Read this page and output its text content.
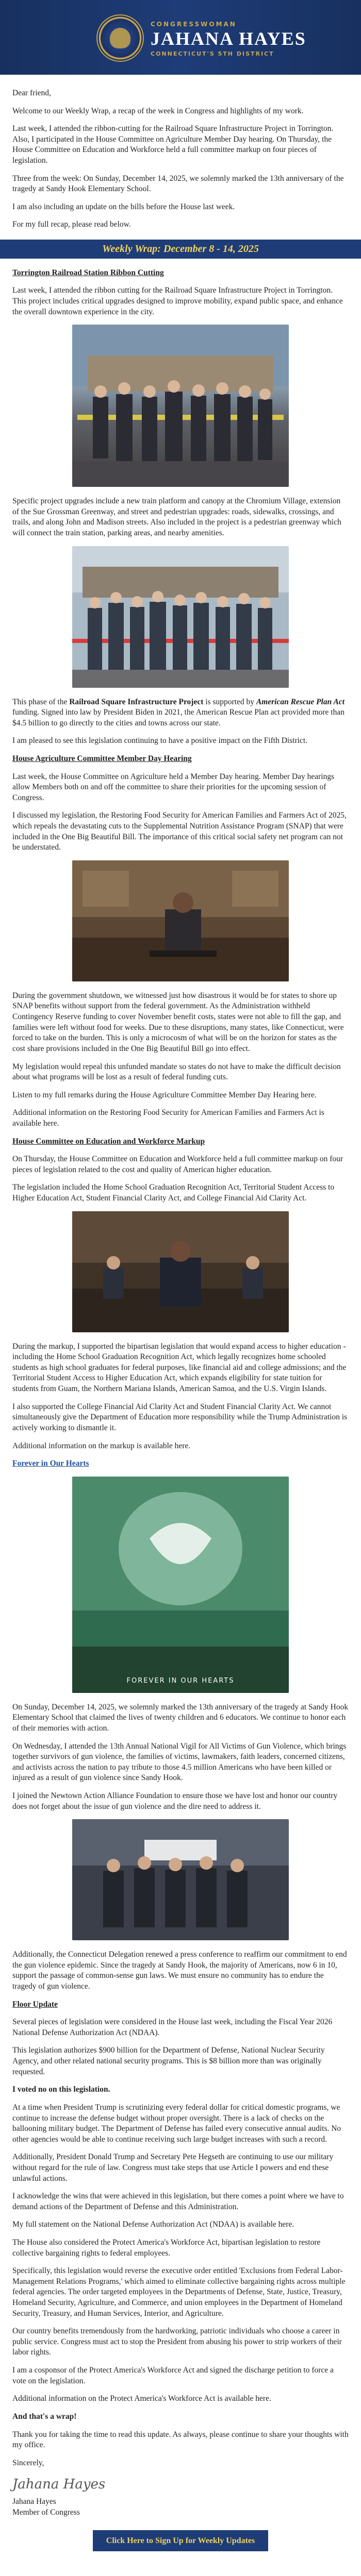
CONGRESSWOMAN
JAHANA HAYES
CONNECTICUT'S 5TH DISTRICT

Dear friend,

Welcome to our Weekly Wrap, a recap of the week in Congress and highlights of my work.

Last week, I attended the ribbon-cutting for the Railroad Square Infrastructure Project in Torrington. Also, I participated in the House Committee on Agriculture Member Day hearing. On Thursday, the House Committee on Education and Workforce held a full committee markup on four pieces of legislation.

Three from the week: On Sunday, December 14, 2025, we solemnly marked the 13th anniversary of the tragedy at Sandy Hook Elementary School.

I am also including an update on the bills before the House last week.

For my full recap, please read below.

Weekly Wrap: December 8 - 14, 2025
Torrington Railroad Station Ribbon Cutting

Last week, I attended the ribbon cutting for the Railroad Square Infrastructure Project in Torrington. This project includes critical upgrades designed to improve mobility, expand public space, and enhance the overall downtown experience in the city.

Specific project upgrades include a new train platform and canopy at the Chromium Village, extension of the Sue Grossman Greenway, and street and pedestrian upgrades: roads, sidewalks, crossings, and trails, and along John and Madison streets. Also included in the project is a pedestrian greenway which will connect the train station, parking areas, and nearby amenities.

This phase of the Railroad Square Infrastructure Project is supported by American Rescue Plan Act funding. Signed into law by President Biden in 2021, the American Rescue Plan act provided more than $4.5 billion to go directly to the cities and towns across our state.

I am pleased to see this legislation continuing to have a positive impact on the Fifth District.

House Agriculture Committee Member Day Hearing

Last week, the House Committee on Agriculture held a Member Day hearing. Member Day hearings allow Members both on and off the committee to share their priorities for the upcoming session of Congress.

I discussed my legislation, the Restoring Food Security for American Families and Farmers Act of 2025, which repeals the devastating cuts to the Supplemental Nutrition Assistance Program (SNAP) that were included in the One Big Beautiful Bill. The importance of this critical social safety net program can not be understated.

During the government shutdown, we witnessed just how disastrous it would be for states to shore up SNAP benefits without support from the federal government. As the Administration withheld Contingency Reserve funding to cover November benefit costs, states were not able to fill the gap, and families were left without food for weeks. Due to these disruptions, many states, like Connecticut, were forced to take on the burden. This is only a microcosm of what will be on the horizon for states as the cost share provisions included in the One Big Beautiful Bill go into effect.

My legislation would repeal this unfunded mandate so states do not have to make the difficult decision about what programs will be lost as a result of federal funding cuts.

Listen to my full remarks during the House Agriculture Committee Member Day Hearing here.

Additional information on the Restoring Food Security for American Families and Farmers Act is available here.

House Committee on Education and Workforce Markup

On Thursday, the House Committee on Education and Workforce held a full committee markup on four pieces of legislation related to the cost and quality of American higher education.

The legislation included the Home School Graduation Recognition Act, Territorial Student Access to Higher Education Act, Student Financial Clarity Act, and College Financial Aid Clarity Act.

During the markup, I supported the bipartisan legislation that would expand access to higher education - including the Home School Graduation Recognition Act, which legally recognizes home schooled students as high school graduates for federal purposes, like financial aid and college admissions; and the Territorial Student Access to Higher Education Act, which expands eligibility for state tuition for students from Guam, the Northern Mariana Islands, American Samoa, and the U.S. Virgin Islands.

I also supported the College Financial Aid Clarity Act and Student Financial Clarity Act. We cannot simultaneously give the Department of Education more responsibility while the Trump Administration is actively working to dismantle it.

Additional information on the markup is available here.

Forever in Our Hearts
FOREVER IN OUR HEARTS

On Sunday, December 14, 2025, we solemnly marked the 13th anniversary of the tragedy at Sandy Hook Elementary School that claimed the lives of twenty children and 6 educators. We continue to honor each of their memories with action.

On Wednesday, I attended the 13th Annual National Vigil for All Victims of Gun Violence, which brings together survivors of gun violence, the families of victims, lawmakers, faith leaders, concerned citizens, and activists across the nation to pay tribute to those 4.5 million Americans who have been killed or injured as a result of gun violence since Sandy Hook.

I joined the Newtown Action Alliance Foundation to ensure those we have lost and honor our country does not forget about the issue of gun violence and the dire need to address it.

Additionally, the Connecticut Delegation renewed a press conference to reaffirm our commitment to end the gun violence epidemic. Since the tragedy at Sandy Hook, the majority of Americans, now 6 in 10, support the passage of common-sense gun laws. We must ensure no community has to endure the tragedy of gun violence.

Floor Update

Several pieces of legislation were considered in the House last week, including the Fiscal Year 2026 National Defense Authorization Act (NDAA).

This legislation authorizes $900 billion for the Department of Defense, National Nuclear Security Agency, and other related national security programs. This is $8 billion more than was originally requested.

I voted no on this legislation.

At a time when President Trump is scrutinizing every federal dollar for critical domestic programs, we continue to increase the defense budget without proper oversight. There is a lack of checks on the ballooning military budget. The Department of Defense has failed every consecutive annual audits. No other agencies would be able to continue receiving such large budget increases with such a record.

Additionally, President Donald Trump and Secretary Pete Hegseth are continuing to use our military without regard for the rule of law. Congress must take steps that use Article I powers and end these unlawful actions.

I acknowledge the wins that were achieved in this legislation, but there comes a point where we have to demand actions of the Department of Defense and this Administration.

My full statement on the National Defense Authorization Act (NDAA) is available here.

The House also considered the Protect America's Workforce Act, bipartisan legislation to restore collective bargaining rights to federal employees.

Specifically, this legislation would reverse the executive order entitled 'Exclusions from Federal Labor-Management Relations Programs,' which aimed to eliminate collective bargaining rights across multiple federal agencies. The order targeted employees in the Departments of Defense, State, Justice, Treasury, Homeland Security, Agriculture, and Commerce, and union employees in the Department of Homeland Security, Treasury, and Human Services, Interior, and Agriculture.

Our country benefits tremendously from the hardworking, patriotic individuals who choose a career in public service. Congress must act to stop the President from abusing his power to strip workers of their labor rights.

I am a cosponsor of the Protect America's Workforce Act and signed the discharge petition to force a vote on the legislation.

Additional information on the Protect America's Workforce Act is available here.

And that's a wrap!

Thank you for taking the time to read this update. As always, please continue to share your thoughts with my office.

Sincerely,

Jahana Hayes

Jahana Hayes

Member of Congress

Click Here to Sign Up for Weekly Updates
